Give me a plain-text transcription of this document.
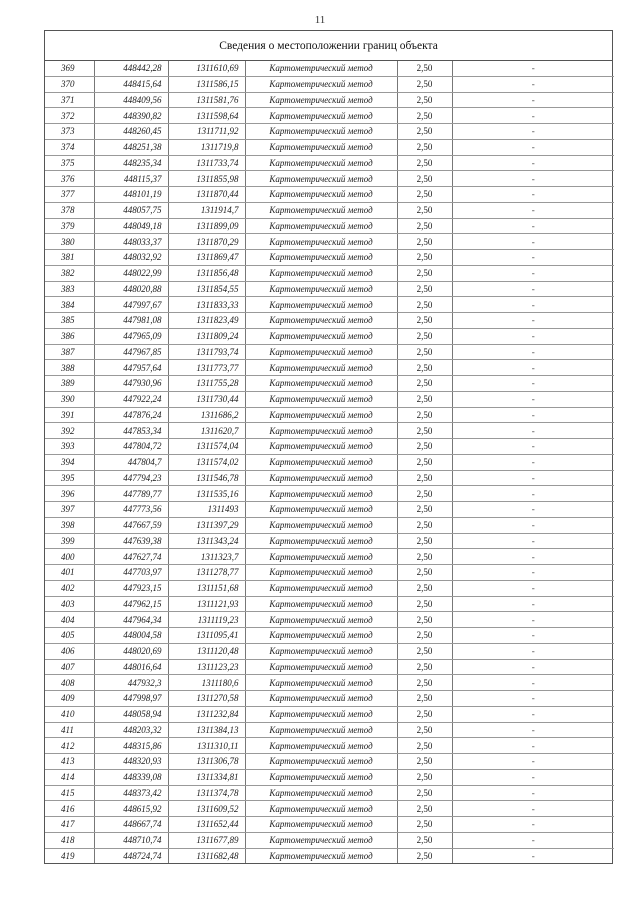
11
Сведения о местоположении границ объекта
369	448442,28	1311610,69	Картометрический метод	2,50	-
370	448415,64	1311586,15	Картометрический метод	2,50	-
371	448409,56	1311581,76	Картометрический метод	2,50	-
372	448390,82	1311598,64	Картометрический метод	2,50	-
373	448260,45	1311711,92	Картометрический метод	2,50	-
374	448251,38	1311719,8	Картометрический метод	2,50	-
375	448235,34	1311733,74	Картометрический метод	2,50	-
376	448115,37	1311855,98	Картометрический метод	2,50	-
377	448101,19	1311870,44	Картометрический метод	2,50	-
378	448057,75	1311914,7	Картометрический метод	2,50	-
379	448049,18	1311899,09	Картометрический метод	2,50	-
380	448033,37	1311870,29	Картометрический метод	2,50	-
381	448032,92	1311869,47	Картометрический метод	2,50	-
382	448022,99	1311856,48	Картометрический метод	2,50	-
383	448020,88	1311854,55	Картометрический метод	2,50	-
384	447997,67	1311833,33	Картометрический метод	2,50	-
385	447981,08	1311823,49	Картометрический метод	2,50	-
386	447965,09	1311809,24	Картометрический метод	2,50	-
387	447967,85	1311793,74	Картометрический метод	2,50	-
388	447957,64	1311773,77	Картометрический метод	2,50	-
389	447930,96	1311755,28	Картометрический метод	2,50	-
390	447922,24	1311730,44	Картометрический метод	2,50	-
391	447876,24	1311686,2	Картометрический метод	2,50	-
392	447853,34	1311620,7	Картометрический метод	2,50	-
393	447804,72	1311574,04	Картометрический метод	2,50	-
394	447804,7	1311574,02	Картометрический метод	2,50	-
395	447794,23	1311546,78	Картометрический метод	2,50	-
396	447789,77	1311535,16	Картометрический метод	2,50	-
397	447773,56	1311493	Картометрический метод	2,50	-
398	447667,59	1311397,29	Картометрический метод	2,50	-
399	447639,38	1311343,24	Картометрический метод	2,50	-
400	447627,74	1311323,7	Картометрический метод	2,50	-
401	447703,97	1311278,77	Картометрический метод	2,50	-
402	447923,15	1311151,68	Картометрический метод	2,50	-
403	447962,15	1311121,93	Картометрический метод	2,50	-
404	447964,34	1311119,23	Картометрический метод	2,50	-
405	448004,58	1311095,41	Картометрический метод	2,50	-
406	448020,69	1311120,48	Картометрический метод	2,50	-
407	448016,64	1311123,23	Картометрический метод	2,50	-
408	447932,3	1311180,6	Картометрический метод	2,50	-
409	447998,97	1311270,58	Картометрический метод	2,50	-
410	448058,94	1311232,84	Картометрический метод	2,50	-
411	448203,32	1311384,13	Картометрический метод	2,50	-
412	448315,86	1311310,11	Картометрический метод	2,50	-
413	448320,93	1311306,78	Картометрический метод	2,50	-
414	448339,08	1311334,81	Картометрический метод	2,50	-
415	448373,42	1311374,78	Картометрический метод	2,50	-
416	448615,92	1311609,52	Картометрический метод	2,50	-
417	448667,74	1311652,44	Картометрический метод	2,50	-
418	448710,74	1311677,89	Картометрический метод	2,50	-
419	448724,74	1311682,48	Картометрический метод	2,50	-
